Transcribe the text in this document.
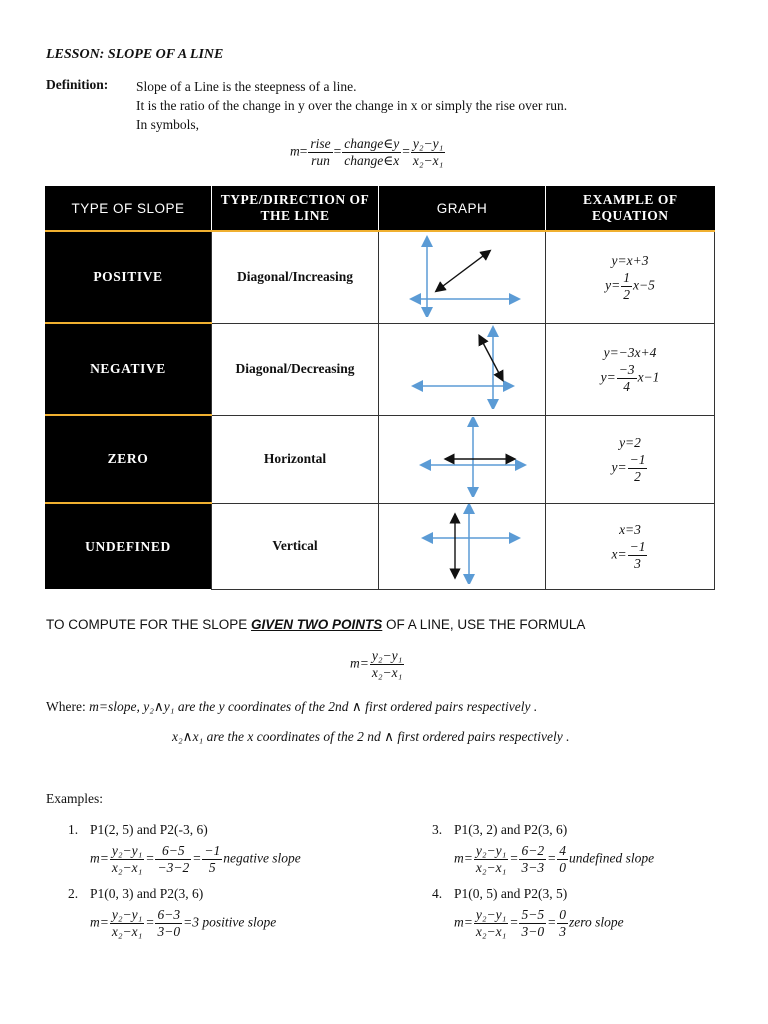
LESSON: SLOPE OF A LINE
Definition: Slope of a Line is the steepness of a line.
It is the ratio of the change in y over the change in x or simply the rise over run.
In symbols,
$m= \frac{\text{rise}}{\text{run}} = \frac{\text{change∈y}}{\text{change∈x}} = \frac{\text{y₂−y₁}}{\text{x₂−x₁}}$
TYPE OF SLOPE	TYPE/DIRECTION OF THE LINE	GRAPH	EXAMPLE OF EQUATION
POSITIVE	Diagonal/Increasing		y=x+3
$y= \frac{1}{2} x-5$

NEGATIVE	Diagonal/Decreasing		y=−3x+4
$y= \frac{-3}{4} x-1$

ZERO	Horizontal		y=2
$y= \frac{-1}{2}$

UNDEFINED	Vertical		x=3
$x= \frac{-1}{3}$
TO COMPUTE FOR THE SLOPE GIVEN TWO POINTS OF A LINE, USE THE FORMULA
$m= \frac{\text{y₂−y₁}}{\text{x₂−x₁}}$
Where: m=slope, y₂∧y₁ are the y coordinates of the 2nd ∧ first ordered pairs respectively .
x₂∧x₁ are the x coordinates of the 2 nd ∧ first ordered pairs respectively .
Examples:
1. P1(2, 5) and P2(-3, 6)
$m= \frac{\text{y₂−y₁}}{\text{x₂−x₁}} = \frac{6-5}{-3-2} = \frac{-1}{5}$ negative slope
2. P1(0, 3) and P2(3, 6)
$m= \frac{\text{y₂−y₁}}{\text{x₂−x₁}} = \frac{6-3}{3-0} =3$ positive slope
3. P1(3, 2) and P2(3, 6)
$m= \frac{\text{y₂−y₁}}{\text{x₂−x₁}} = \frac{6-2}{3-3} = \frac{4}{0}$ undefined slope
4. P1(0, 5) and P2(3, 5)
$m= \frac{\text{y₂−y₁}}{\text{x₂−x₁}} = \frac{5-5}{3-0} = \frac{0}{3}$ zero slope
